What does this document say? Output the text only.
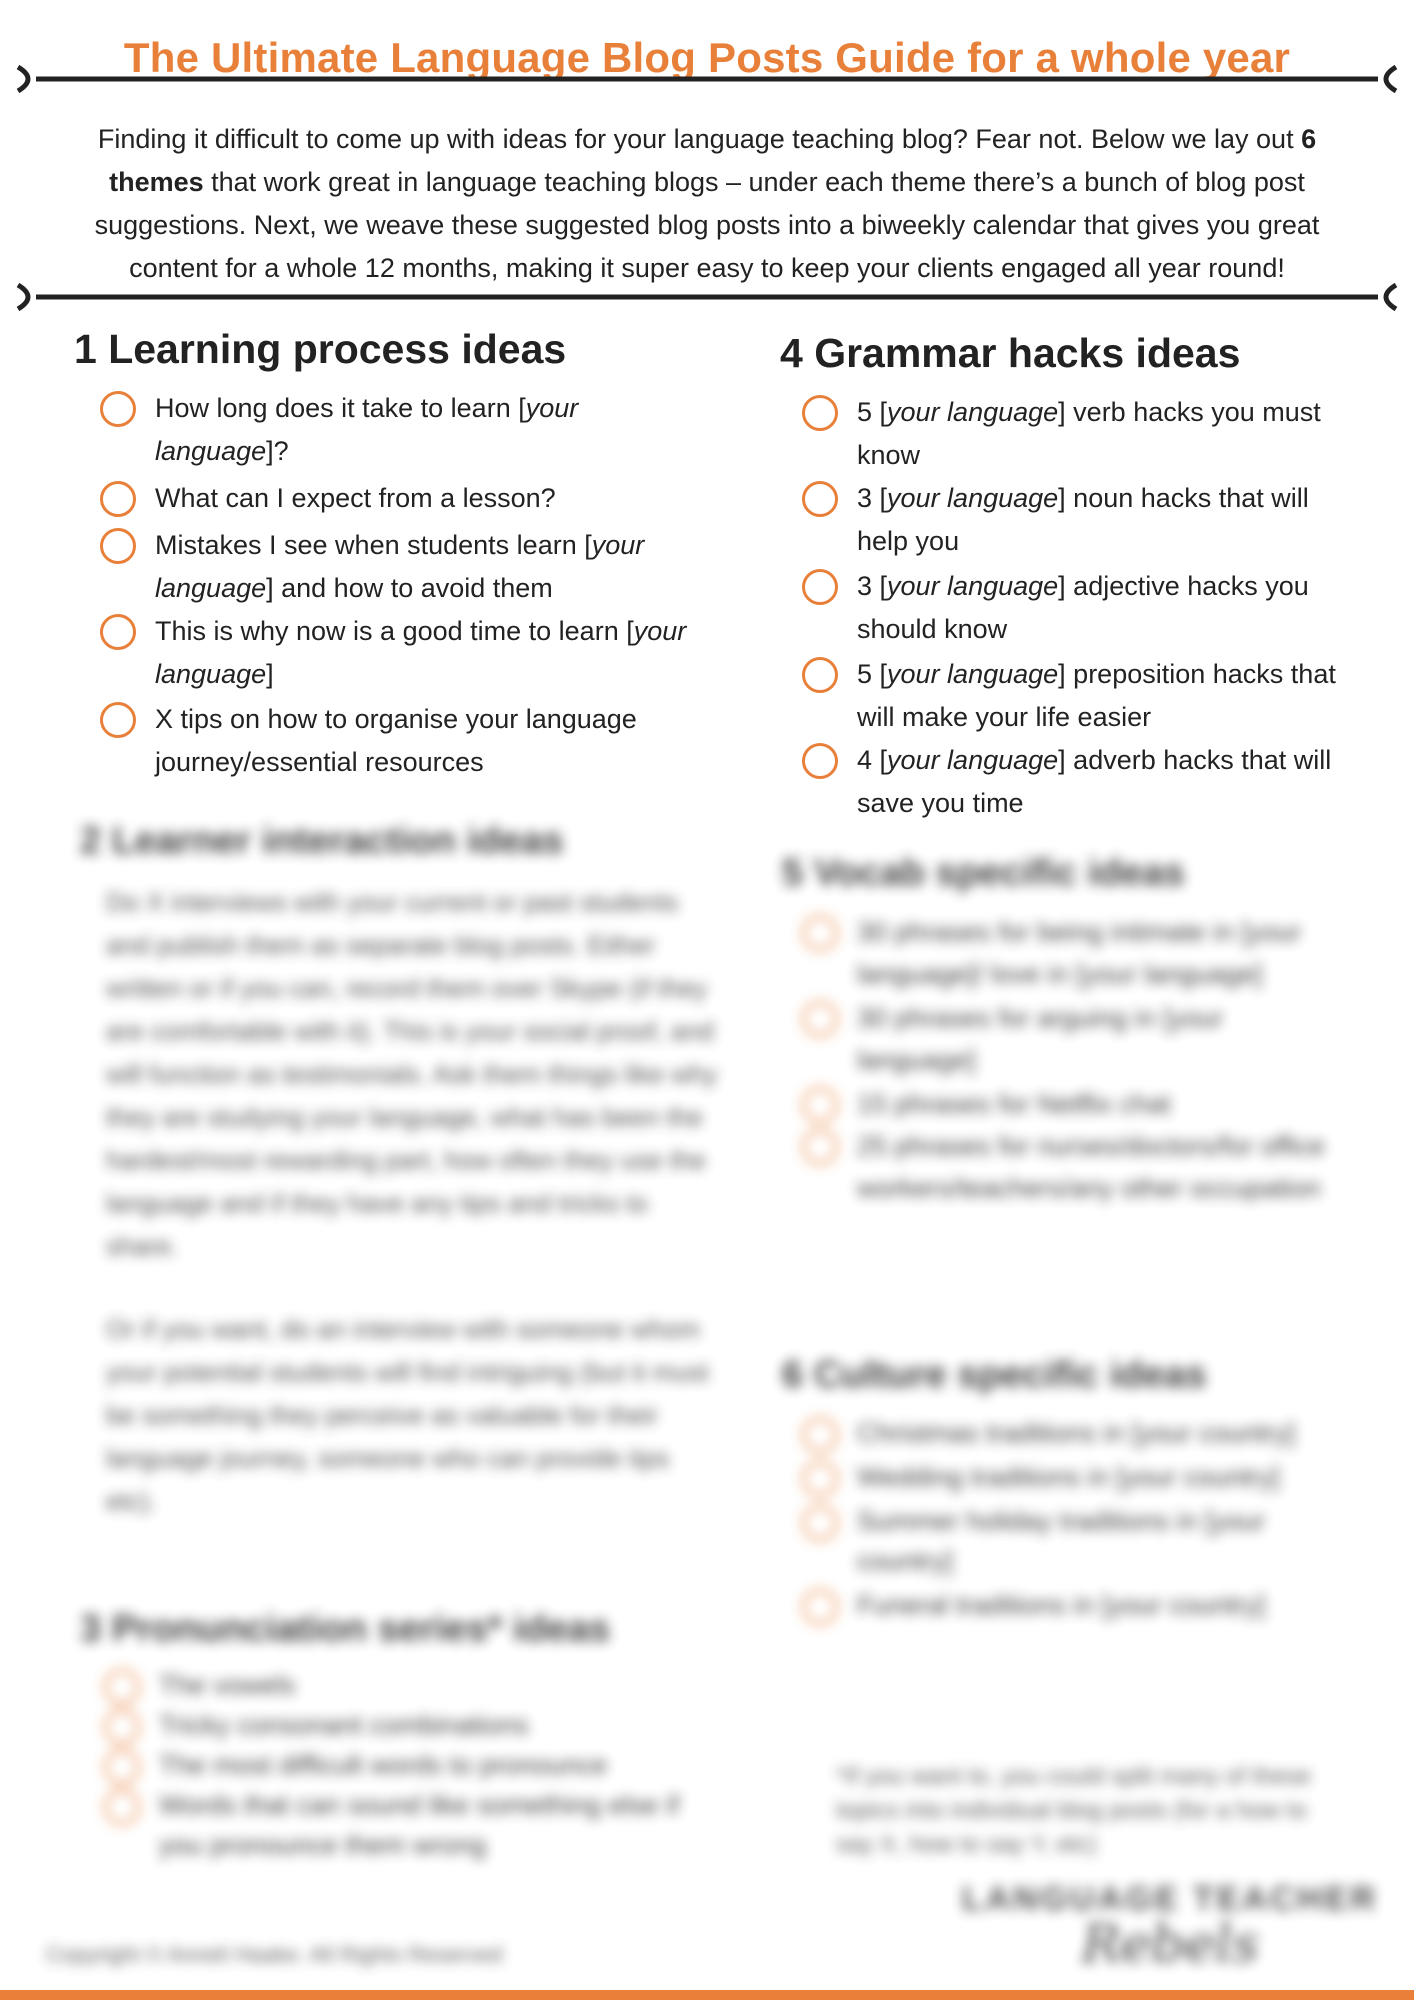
The Ultimate Language Blog Posts Guide for a whole year
Finding it difficult to come up with ideas for your language teaching blog? Fear not. Below we lay out 6 themes that work great in language teaching blogs – under each theme there’s a bunch of blog post suggestions. Next, we weave these suggested blog posts into a biweekly calendar that gives you great content for a whole 12 months, making it super easy to keep your clients engaged all year round!
1 Learning process ideas
How long does it take to learn [your language]?
What can I expect from a lesson?
Mistakes I see when students learn [your language] and how to avoid them
This is why now is a good time to learn [your language]
X tips on how to organise your language journey/essential resources
4 Grammar hacks ideas
5 [your language] verb hacks you must know
3 [your language] noun hacks that will help you
3 [your language] adjective hacks you should know
5 [your language] preposition hacks that will make your life easier
4 [your language] adverb hacks that will save you time
2 Learner interaction ideas

Do X interviews with your current or past students and publish them as separate blog posts. Either written or if you can, record them over Skype (if they are comfortable with it). This is your social proof, and will function as testimonials. Ask them things like why they are studying your language, what has been the hardest/most rewarding part, how often they use the language and if they have any tips and tricks to share.

Or if you want, do an interview with someone whom your potential students will find intriguing (but it must be something they perceive as valuable for their language journey, someone who can provide tips etc).

3 Pronunciation series* ideas
The vowels
Tricky consonant combinations
The most difficult words to pronounce
Words that can sound like something else if you pronounce them wrong
5 Vocab specific ideas
30 phrases for being intimate in [your language]/ love in [your language]
30 phrases for arguing in [your language]
15 phrases for Netflix chat
25 phrases for nurses/doctors/for office workers/teachers/any other occupation
6 Culture specific ideas
Christmas traditions in [your country]
Wedding traditions in [your country]
Summer holiday traditions in [your country]
Funeral traditions in [your country]
*If you want to, you could split many of these topics into individual blog posts (for a how to say X, how to say Y, etc)
LANGUAGE TEACHER
Rebels
Copyright © Anneli Haake. All Rights Reserved
